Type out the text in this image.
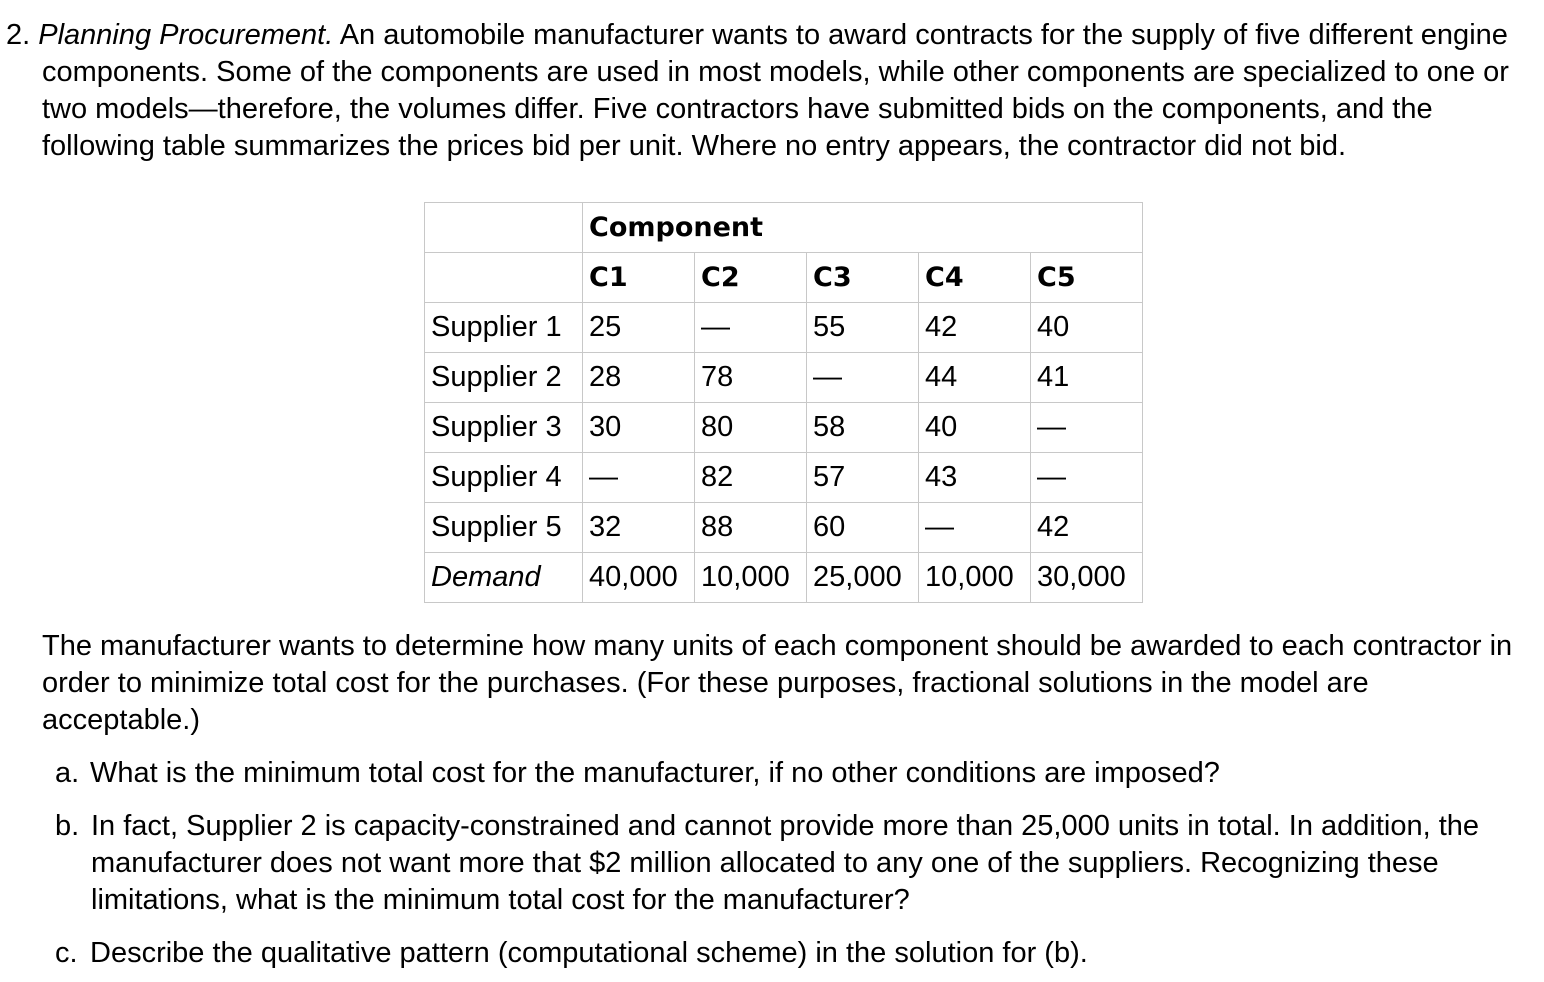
2. Planning Procurement. An automobile manufacturer wants to award contracts for the supply of five different engine components. Some of the components are used in most models, while other components are specialized to one or two models—therefore, the volumes differ. Five contractors have submitted bids on the components, and the following table summarizes the prices bid per unit. Where no entry appears, the contractor did not bid.

	Component				
	C1	C2	C3	C4	C5
Supplier 1	25	—	55	42	40
Supplier 2	28	78	—	44	41
Supplier 3	30	80	58	40	—
Supplier 4	—	82	57	43	—
Supplier 5	32	88	60	—	42
Demand	40,000	10,000	25,000	10,000	30,000

The manufacturer wants to determine how many units of each component should be awarded to each contractor in order to minimize total cost for the purchases. (For these purposes, fractional solutions in the model are acceptable.)

a. What is the minimum total cost for the manufacturer, if no other conditions are imposed?

b. In fact, Supplier 2 is capacity-constrained and cannot provide more than 25,000 units in total. In addition, the manufacturer does not want more that $2 million allocated to any one of the suppliers. Recognizing these limitations, what is the minimum total cost for the manufacturer?

c. Describe the qualitative pattern (computational scheme) in the solution for (b).
